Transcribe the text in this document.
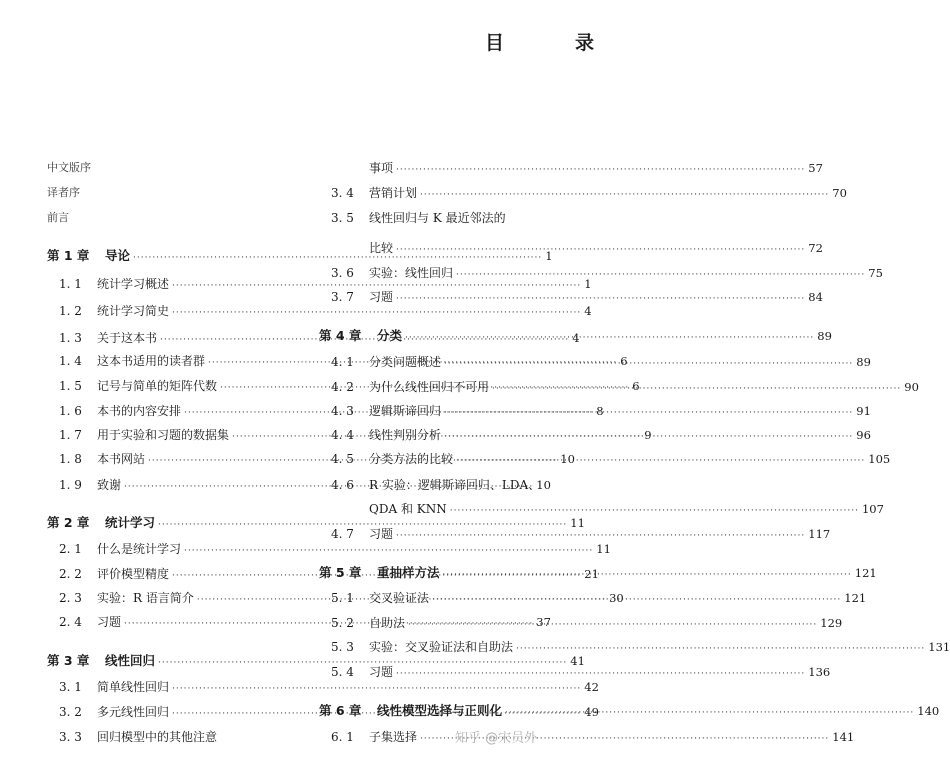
目　录
中文版序
译者序
前言
第 1 章	导论 ·····	1
1. 1	统计学习概述 ·····	1
1. 2	统计学习简史 ·····	4
1. 3	关于这本书 ·····	4
1. 4	这本书适用的读者群 ·····	6
1. 5	记号与简单的矩阵代数 ·····	6
1. 6	本书的内容安排 ·····	8
1. 7	用于实验和习题的数据集 ·····	9
1. 8	本书网站 ·····	10
1. 9	致谢 ·····	10
第 2 章	统计学习 ·····	11
2. 1	什么是统计学习 ·····	11
2. 2	评价模型精度 ·····	21
2. 3	实验：R 语言简介 ·····	30
2. 4	习题 ·····	37
第 3 章	线性回归 ·····	41
3. 1	简单线性回归 ·····	42
3. 2	多元线性回归 ·····	49
3. 3	回归模型中的其他注意
事项 ·····	57
3. 4	营销计划 ·····	70
3. 5	线性回归与 K 最近邻法的
比较 ·····	72
3. 6	实验：线性回归 ·····	75
3. 7	习题 ·····	84
第 4 章	分类 ·····	89
4. 1	分类问题概述 ·····	89
4. 2	为什么线性回归不可用 ·····	90
4. 3	逻辑斯谛回归 ·····	91
4. 4	线性判别分析 ·····	96
4. 5	分类方法的比较 ·····	105
4. 6	R 实验：逻辑斯谛回归、LDA、
QDA 和 KNN ·····	107
4. 7	习题 ·····	117
第 5 章	重抽样方法 ·····	121
5. 1	交叉验证法 ·····	121
5. 2	自助法 ·····	129
5. 3	实验：交叉验证法和自助法 ·····	131
5. 4	习题 ·····	136
第 6 章	线性模型选择与正则化 ·····	140
6. 1	子集选择 ·····	141
知乎 @宋员外
